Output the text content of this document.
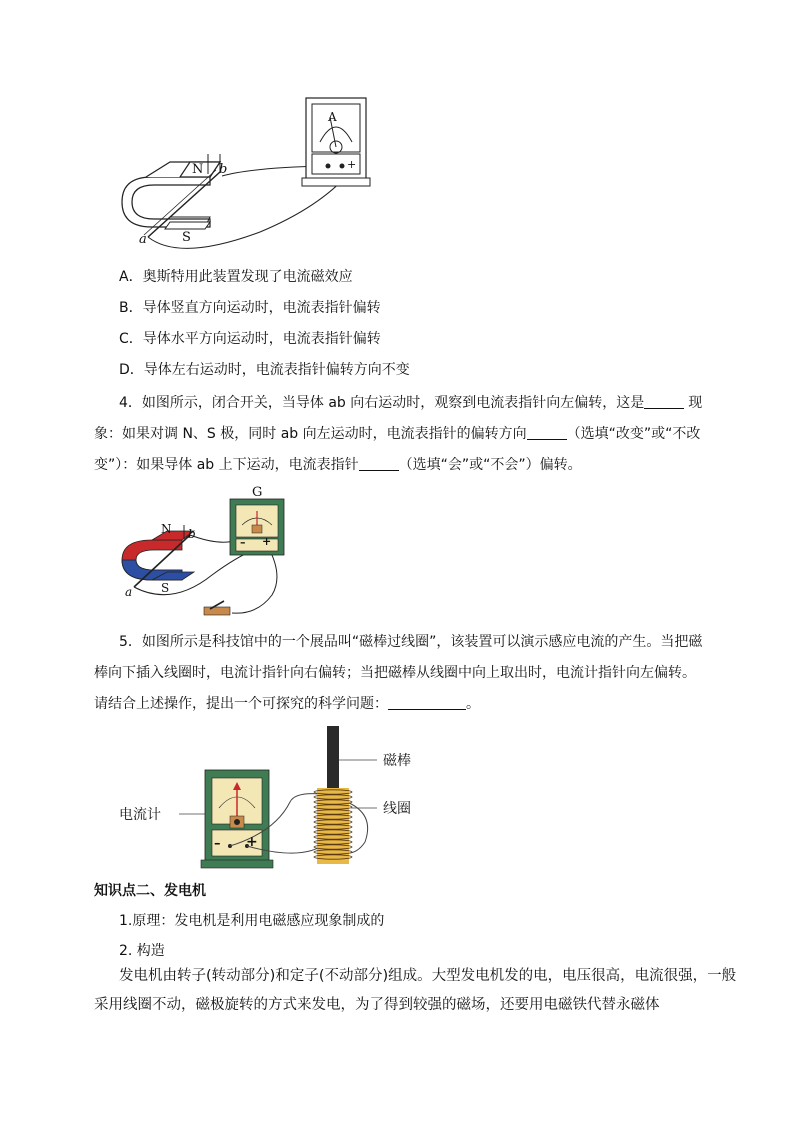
N b
S
a
A
+
A．奥斯特用此装置发现了电流磁效应
B．导体竖直方向运动时，电流表指针偏转
C．导体水平方向运动时，电流表指针偏转
D．导体左右运动时，电流表指针偏转方向不变
4．如图所示，闭合开关，当导体 ab 向右运动时，观察到电流表指针向左偏转，这是	现
象：如果对调 N、S 极，同时 ab 向左运动时，电流表指针的偏转方向	（选填“改变”或“不改
变”）：如果导体 ab 上下运动，电流表指针	（选填“会”或“不会”）偏转。
G
N b
S
a
– +
5．如图所示是科技馆中的一个展品叫“磁棒过线圈”，该装置可以演示感应电流的产生。当把磁
棒向下插入线圈时，电流计指针向右偏转；当把磁棒从线圈中向上取出时，电流计指针向左偏转。
请结合上述操作，提出一个可探究的科学问题：	。
电流计
磁棒
线圈
– +
知识点二、发电机
1.原理：发电机是利用电磁感应现象制成的
2. 构造
发电机由转子(转动部分)和定子(不动部分)组成。大型发电机发的电，电压很高，电流很强，一般
采用线圈不动，磁极旋转的方式来发电，为了得到较强的磁场，还要用电磁铁代替永磁体
